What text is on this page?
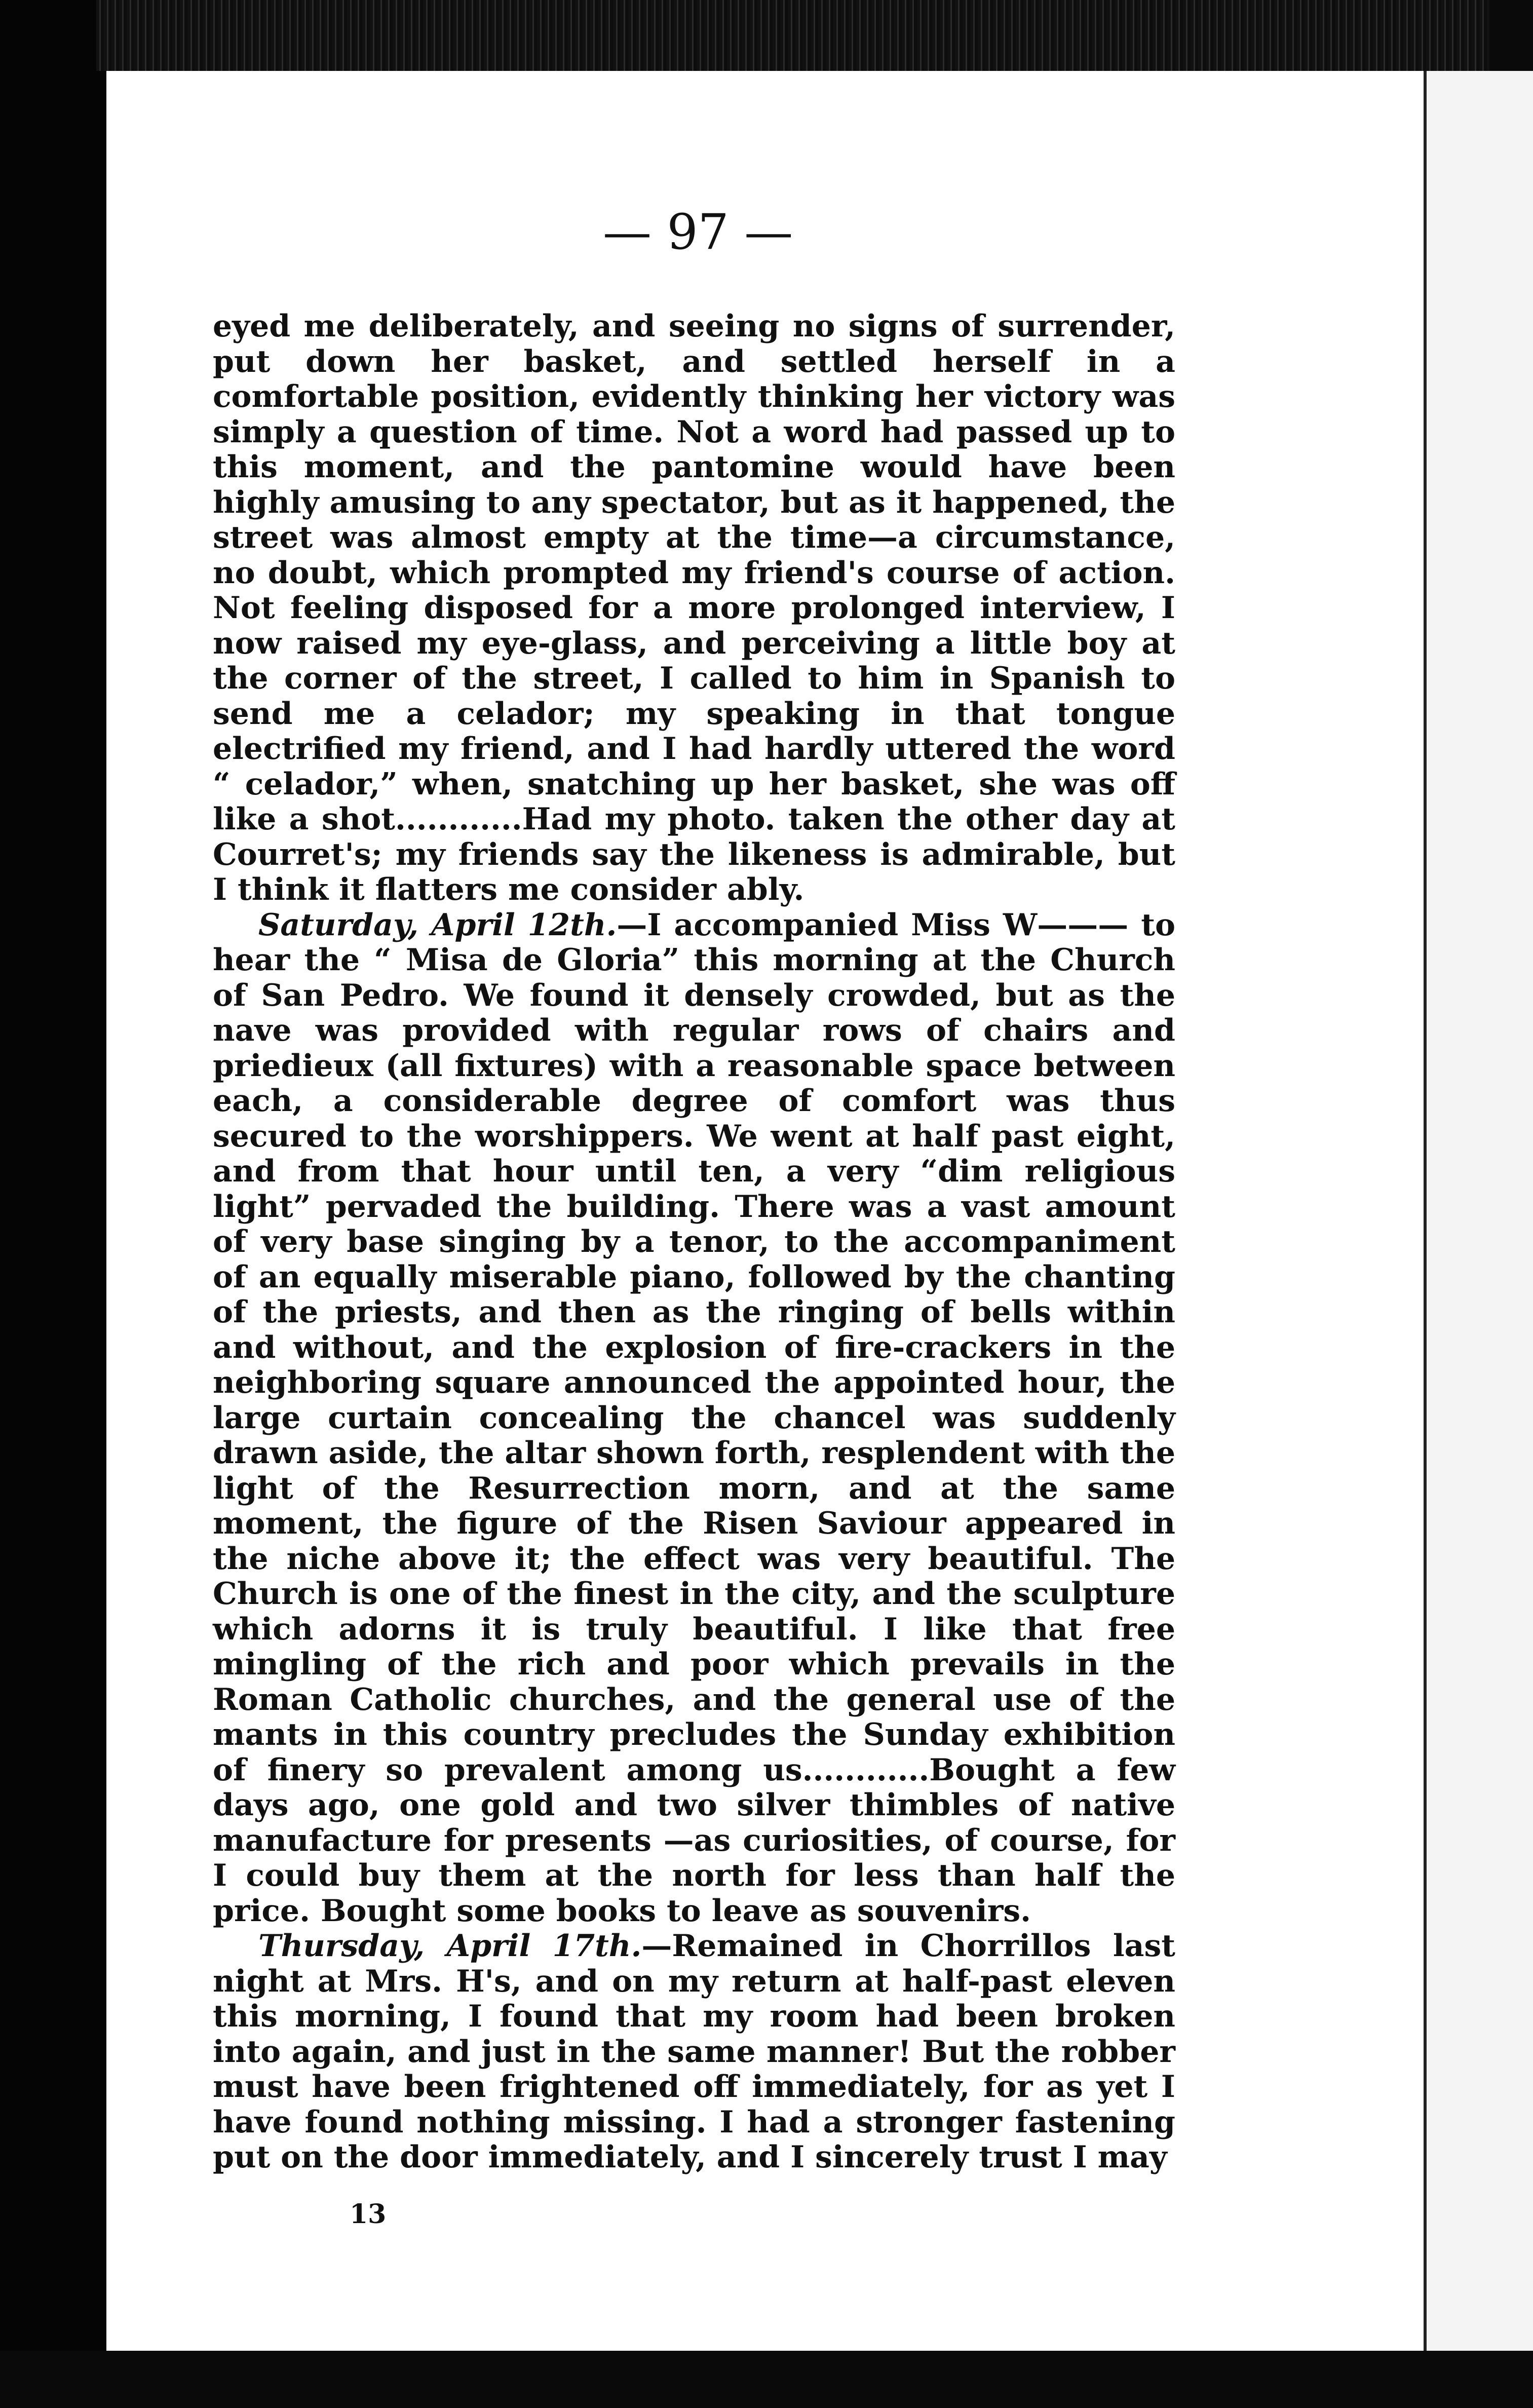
— 97 —

eyed me deliberately, and seeing no signs of surrender, put down her basket, and settled herself in a comfortable position, evidently thinking her victory was simply a question of time. Not a word had passed up to this moment, and the pantomine would have been highly amusing to any spectator, but as it happened, the street was almost empty at the time—a circumstance, no doubt, which prompted my friend's course of action. Not feeling disposed for a more prolonged interview, I now raised my eye-glass, and perceiving a little boy at the corner of the street, I called to him in Spanish to send me a celador; my speaking in that tongue electrified my friend, and I had hardly uttered the word “ celador,” when, snatching up her basket, she was off like a shot............Had my photo. taken the other day at Courret's; my friends say the likeness is admirable, but I think it flatters me consider ably.

Saturday, April 12th.—I accompanied Miss W——— to hear the “ Misa de Gloria” this morning at the Church of San Pedro. We found it densely crowded, but as the nave was provided with regular rows of chairs and priedieux (all fixtures) with a reasonable space between each, a considerable degree of comfort was thus secured to the worshippers. We went at half past eight, and from that hour until ten, a very “dim religious light” pervaded the building. There was a vast amount of very base singing by a tenor, to the accompaniment of an equally miserable piano, followed by the chanting of the priests, and then as the ringing of bells within and without, and the explosion of fire-crackers in the neighboring square announced the appointed hour, the large curtain concealing the chancel was suddenly drawn aside, the altar shown forth, resplendent with the light of the Resurrection morn, and at the same moment, the figure of the Risen Saviour appeared in the niche above it; the effect was very beautiful. The Church is one of the finest in the city, and the sculpture which adorns it is truly beautiful. I like that free mingling of the rich and poor which prevails in the Roman Catholic churches, and the general use of the mants in this country precludes the Sunday exhibition of finery so prevalent among us............Bought a few days ago, one gold and two silver thimbles of native manufacture for presents —as curiosities, of course, for I could buy them at the north for less than half the price. Bought some books to leave as souvenirs.

Thursday, April 17th.—Remained in Chorrillos last night at Mrs. H's, and on my return at half-past eleven this morning, I found that my room had been broken into again, and just in the same manner! But the robber must have been frightened off immediately, for as yet I have found nothing missing. I had a stronger fastening put on the door immediately, and I sincerely trust I may

13
